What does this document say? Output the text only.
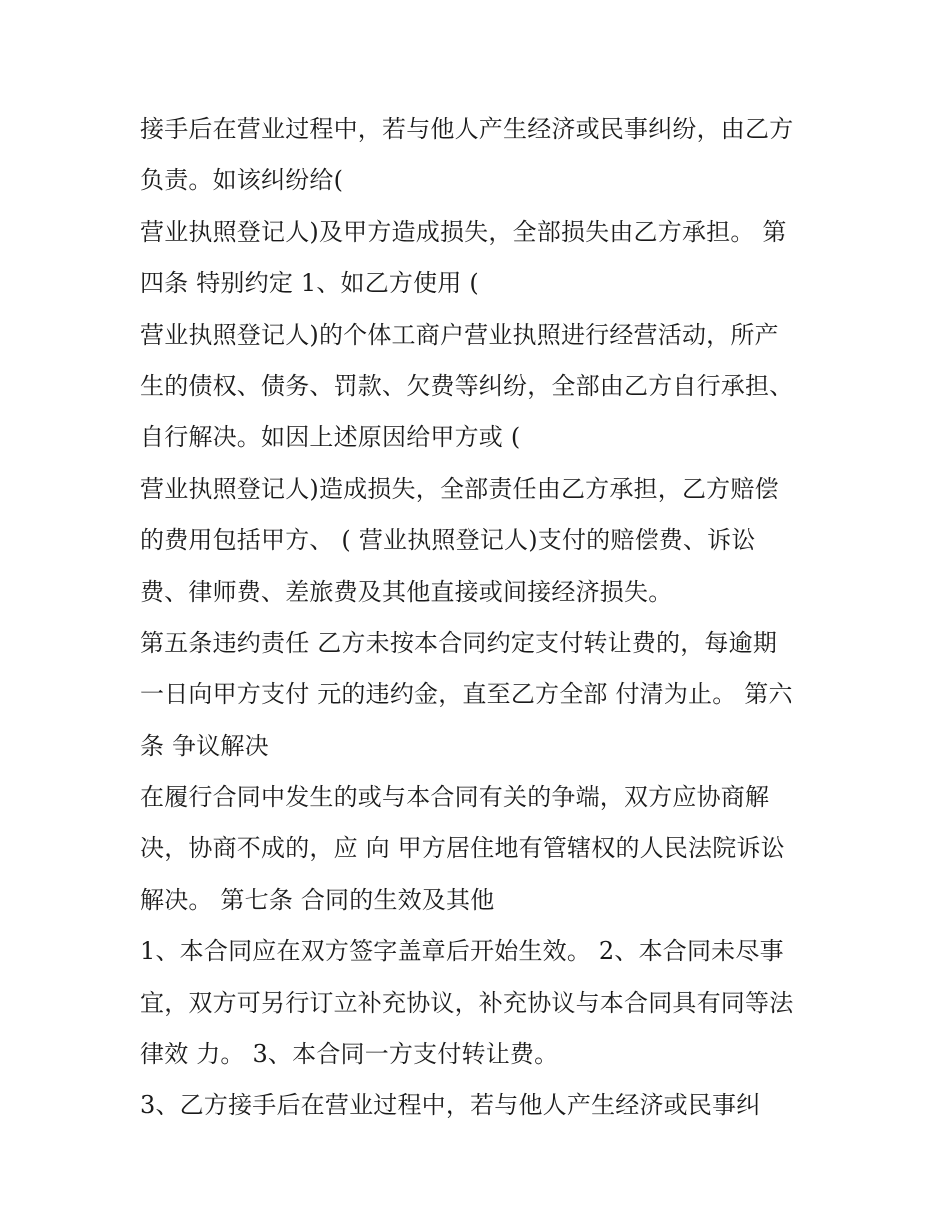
接手后在营业过程中，若与他人产生经济或民事纠纷，由乙方
负责。如该纠纷给(
营业执照登记人)及甲方造成损失，全部损失由乙方承担。 第
四条 特别约定 1、如乙方使用 (
营业执照登记人)的个体工商户营业执照进行经营活动，所产
生的债权、债务、罚款、欠费等纠纷，全部由乙方自行承担、
自行解决。如因上述原因给甲方或 (
营业执照登记人)造成损失，全部责任由乙方承担，乙方赔偿
的费用包括甲方、 ( 营业执照登记人)支付的赔偿费、诉讼
费、律师费、差旅费及其他直接或间接经济损失。
第五条违约责任 乙方未按本合同约定支付转让费的，每逾期
一日向甲方支付 元的违约金，直至乙方全部 付清为止。 第六
条 争议解决
在履行合同中发生的或与本合同有关的争端，双方应协商解
决，协商不成的，应 向 甲方居住地有管辖权的人民法院诉讼
解决。 第七条 合同的生效及其他
1、本合同应在双方签字盖章后开始生效。 2、本合同未尽事
宜，双方可另行订立补充协议，补充协议与本合同具有同等法
律效 力。 3、本合同一方支付转让费。
3、乙方接手后在营业过程中，若与他人产生经济或民事纠
